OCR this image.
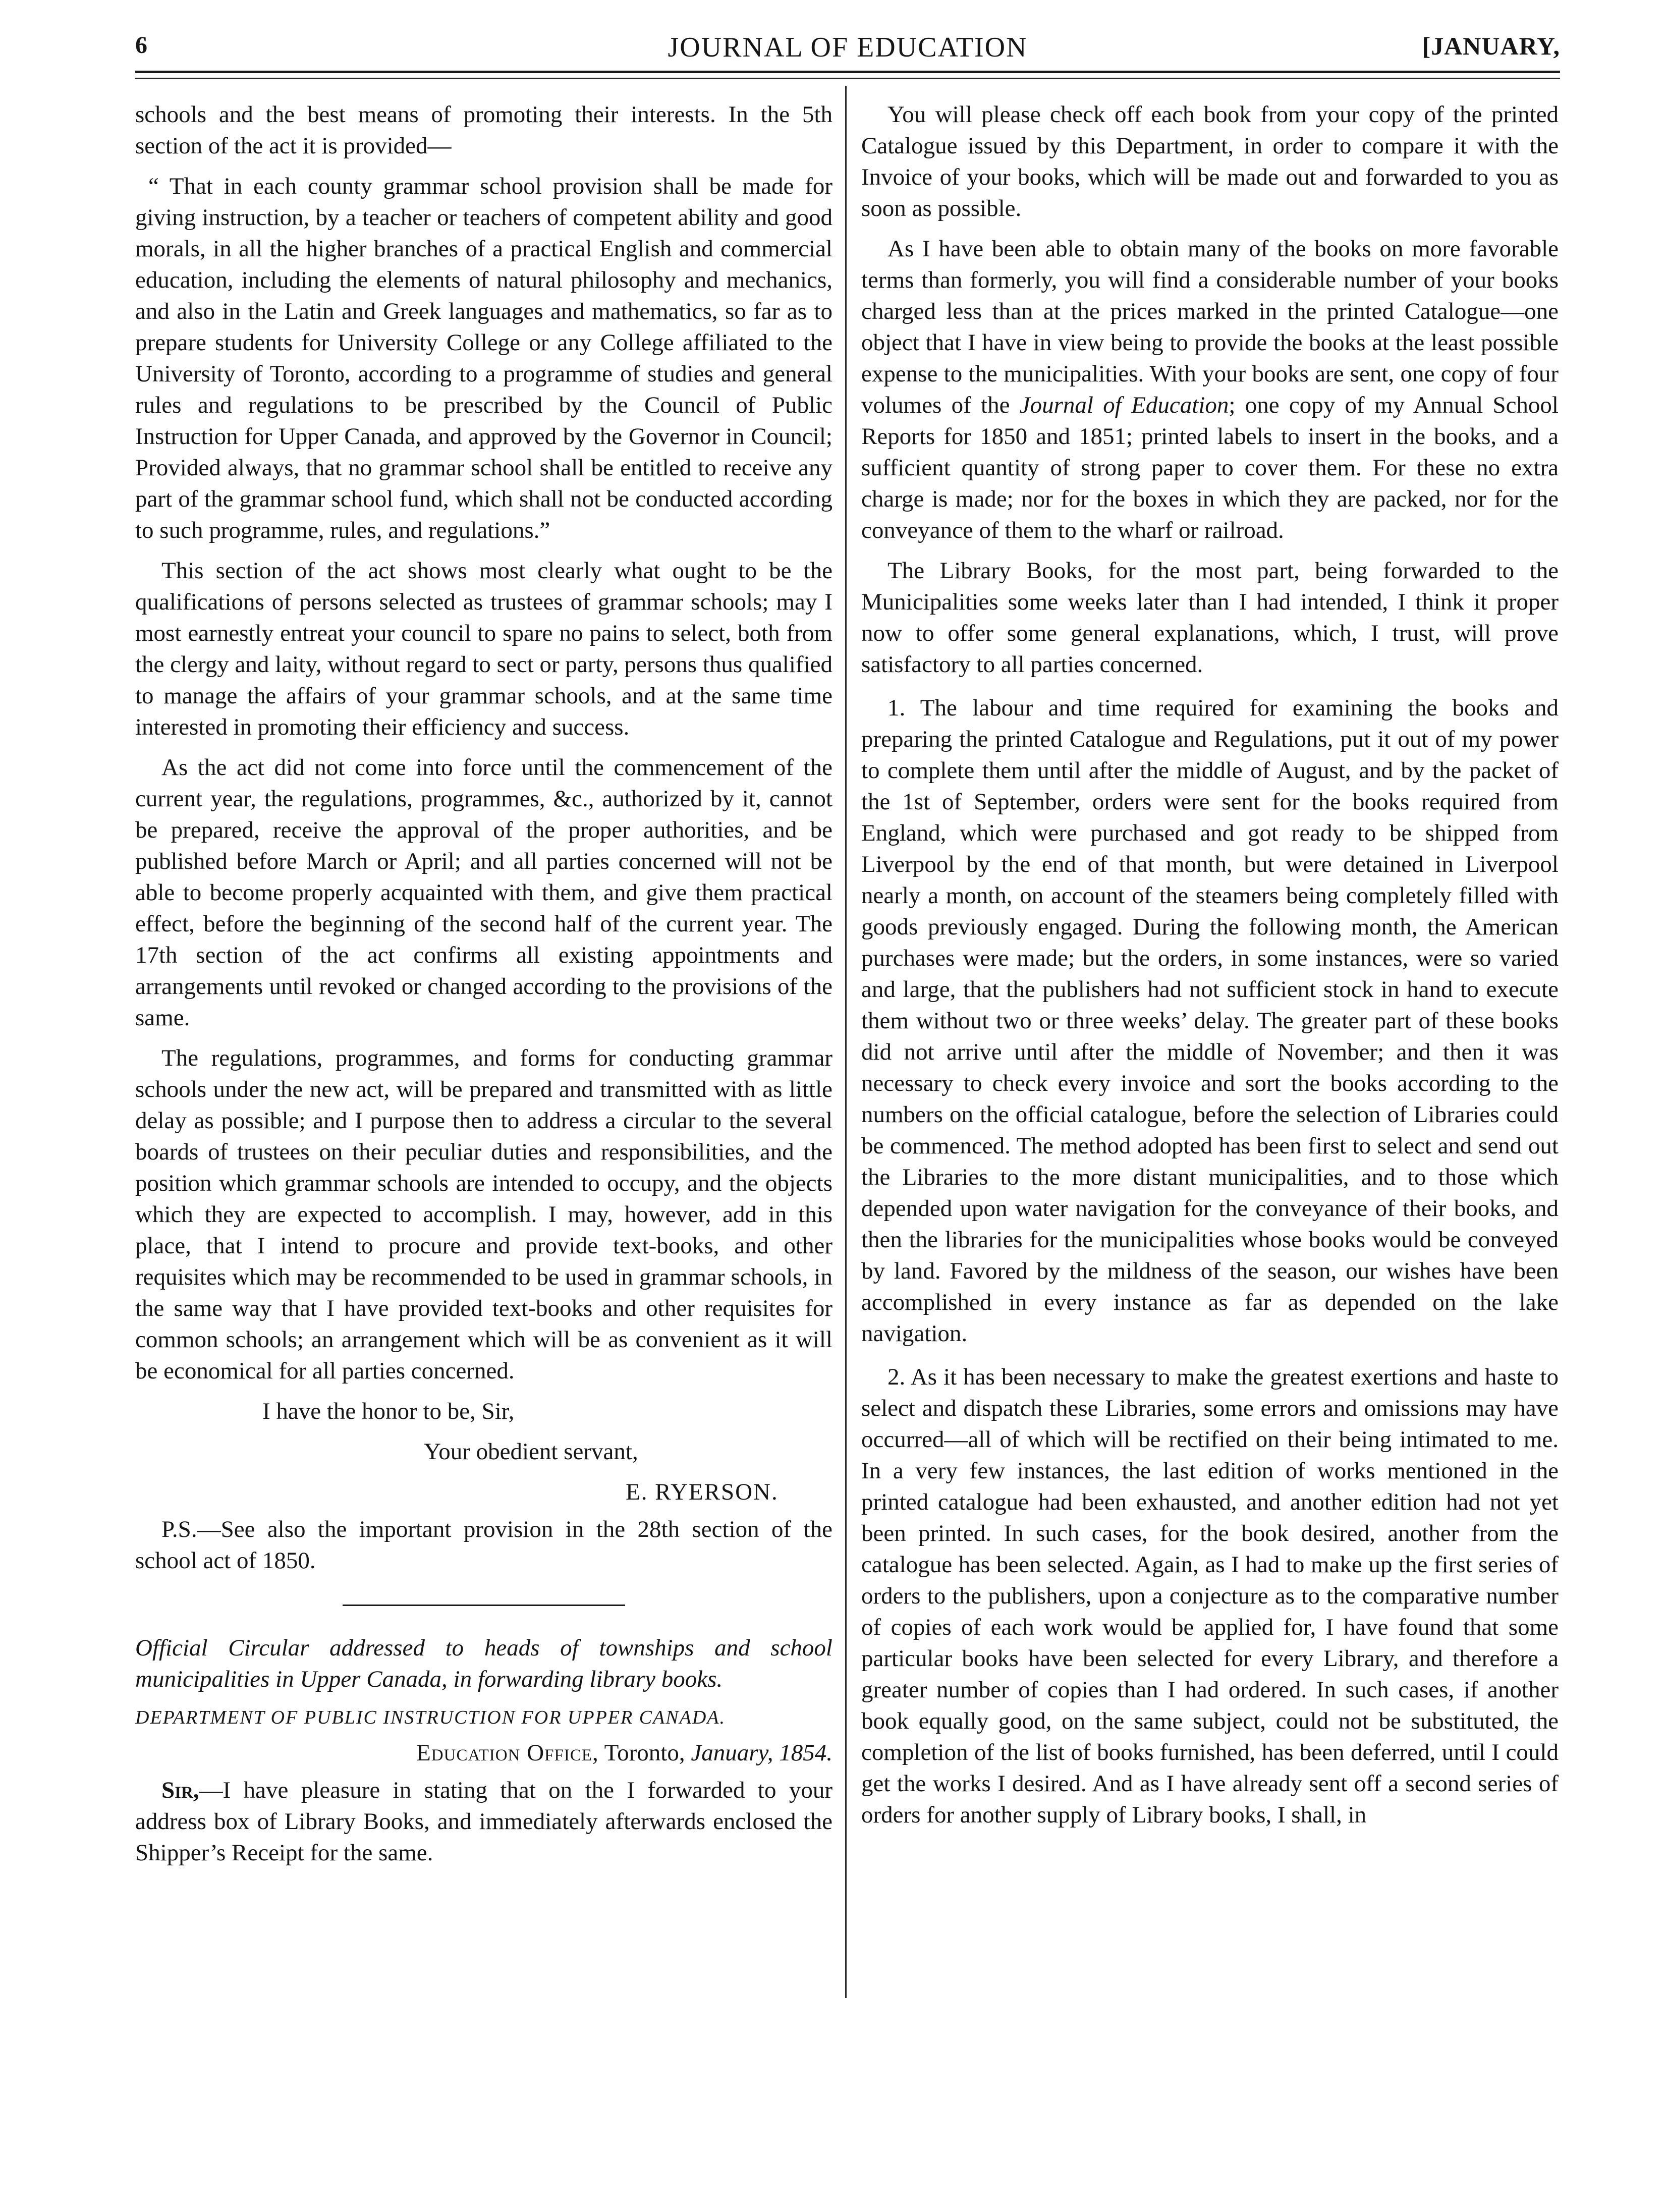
6	JOURNAL OF EDUCATION	[JANUARY,

schools and the best means of promoting their interests. In the 5th section of the act it is provided—

“ That in each county grammar school provision shall be made for giving instruction, by a teacher or teachers of competent ability and good morals, in all the higher branches of a practical English and commercial education, including the elements of natural philosophy and mechanics, and also in the Latin and Greek languages and mathematics, so far as to prepare students for University College or any College affiliated to the University of Toronto, according to a programme of studies and general rules and regulations to be prescribed by the Council of Public Instruction for Upper Canada, and approved by the Governor in Council; Provided always, that no grammar school shall be entitled to receive any part of the grammar school fund, which shall not be conducted according to such programme, rules, and regulations.”

This section of the act shows most clearly what ought to be the qualifications of persons selected as trustees of grammar schools; may I most earnestly entreat your council to spare no pains to select, both from the clergy and laity, without regard to sect or party, persons thus qualified to manage the affairs of your grammar schools, and at the same time interested in promoting their efficiency and success.

As the act did not come into force until the commencement of the current year, the regulations, programmes, &c., authorized by it, cannot be prepared, receive the approval of the proper authorities, and be published before March or April; and all parties concerned will not be able to become properly acquainted with them, and give them practical effect, before the beginning of the second half of the current year. The 17th section of the act confirms all existing appointments and arrangements until revoked or changed according to the provisions of the same.

The regulations, programmes, and forms for conducting grammar schools under the new act, will be prepared and transmitted with as little delay as possible; and I purpose then to address a circular to the several boards of trustees on their peculiar duties and responsibilities, and the position which grammar schools are intended to occupy, and the objects which they are expected to accomplish. I may, however, add in this place, that I intend to procure and provide text-books, and other requisites which may be recommended to be used in grammar schools, in the same way that I have provided text-books and other requisites for common schools; an arrangement which will be as convenient as it will be economical for all parties concerned.

I have the honor to be, Sir,

Your obedient servant,

E. RYERSON.

P.S.—See also the important provision in the 28th section of the school act of 1850.

Official Circular addressed to heads of townships and school municipalities in Upper Canada, in forwarding library books.

DEPARTMENT OF PUBLIC INSTRUCTION FOR UPPER CANADA.

Education Office, Toronto, January, 1854.

Sir,—I have pleasure in stating that on the I forwarded to your address box of Library Books, and immediately afterwards enclosed the Shipper’s Receipt for the same.

You will please check off each book from your copy of the printed Catalogue issued by this Department, in order to compare it with the Invoice of your books, which will be made out and forwarded to you as soon as possible.

As I have been able to obtain many of the books on more favorable terms than formerly, you will find a considerable number of your books charged less than at the prices marked in the printed Catalogue—one object that I have in view being to provide the books at the least possible expense to the municipalities. With your books are sent, one copy of four volumes of the Journal of Education; one copy of my Annual School Reports for 1850 and 1851; printed labels to insert in the books, and a sufficient quantity of strong paper to cover them. For these no extra charge is made; nor for the boxes in which they are packed, nor for the conveyance of them to the wharf or railroad.

The Library Books, for the most part, being forwarded to the Municipalities some weeks later than I had intended, I think it proper now to offer some general explanations, which, I trust, will prove satisfactory to all parties concerned.

1. The labour and time required for examining the books and preparing the printed Catalogue and Regulations, put it out of my power to complete them until after the middle of August, and by the packet of the 1st of September, orders were sent for the books required from England, which were purchased and got ready to be shipped from Liverpool by the end of that month, but were detained in Liverpool nearly a month, on account of the steamers being completely filled with goods previously engaged. During the following month, the American purchases were made; but the orders, in some instances, were so varied and large, that the publishers had not sufficient stock in hand to execute them without two or three weeks’ delay. The greater part of these books did not arrive until after the middle of November; and then it was necessary to check every invoice and sort the books according to the numbers on the official catalogue, before the selection of Libraries could be commenced. The method adopted has been first to select and send out the Libraries to the more distant municipalities, and to those which depended upon water navigation for the conveyance of their books, and then the libraries for the municipalities whose books would be conveyed by land. Favored by the mildness of the season, our wishes have been accomplished in every instance as far as depended on the lake navigation.

2. As it has been necessary to make the greatest exertions and haste to select and dispatch these Libraries, some errors and omissions may have occurred—all of which will be rectified on their being intimated to me. In a very few instances, the last edition of works mentioned in the printed catalogue had been exhausted, and another edition had not yet been printed. In such cases, for the book desired, another from the catalogue has been selected. Again, as I had to make up the first series of orders to the publishers, upon a conjecture as to the comparative number of copies of each work would be applied for, I have found that some particular books have been selected for every Library, and therefore a greater number of copies than I had ordered. In such cases, if another book equally good, on the same subject, could not be substituted, the completion of the list of books furnished, has been deferred, until I could get the works I desired. And as I have already sent off a second series of orders for another supply of Library books, I shall, in
